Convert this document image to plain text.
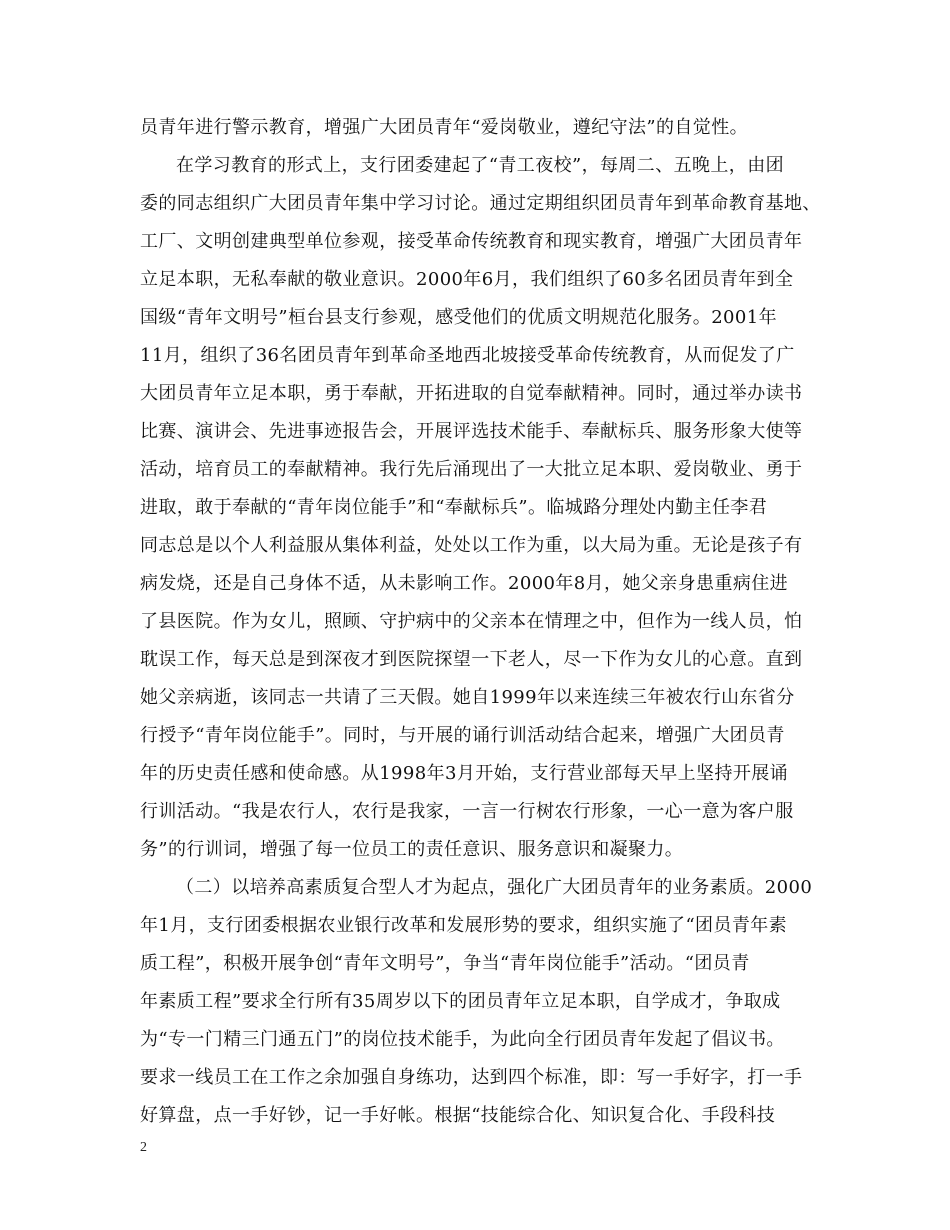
员青年进行警示教育，增强广大团员青年“爱岗敬业，遵纪守法”的自觉性。

在学习教育的形式上，支行团委建起了“青工夜校”，每周二、五晚上，由团

委的同志组织广大团员青年集中学习讨论。通过定期组织团员青年到革命教育基地、

工厂、文明创建典型单位参观，接受革命传统教育和现实教育，增强广大团员青年

立足本职，无私奉献的敬业意识。2000年6月，我们组织了60多名团员青年到全

国级“青年文明号”桓台县支行参观，感受他们的优质文明规范化服务。2001年

11月，组织了36名团员青年到革命圣地西北坡接受革命传统教育，从而促发了广

大团员青年立足本职，勇于奉献，开拓进取的自觉奉献精神。同时，通过举办读书

比赛、演讲会、先进事迹报告会，开展评选技术能手、奉献标兵、服务形象大使等

活动，培育员工的奉献精神。我行先后涌现出了一大批立足本职、爱岗敬业、勇于

进取，敢于奉献的“青年岗位能手”和“奉献标兵”。临城路分理处内勤主任李君

同志总是以个人利益服从集体利益，处处以工作为重，以大局为重。无论是孩子有

病发烧，还是自己身体不适，从未影响工作。2000年8月，她父亲身患重病住进

了县医院。作为女儿，照顾、守护病中的父亲本在情理之中，但作为一线人员，怕

耽误工作，每天总是到深夜才到医院探望一下老人，尽一下作为女儿的心意。直到

她父亲病逝，该同志一共请了三天假。她自1999年以来连续三年被农行山东省分

行授予“青年岗位能手”。同时，与开展的诵行训活动结合起来，增强广大团员青

年的历史责任感和使命感。从1998年3月开始，支行营业部每天早上坚持开展诵

行训活动。“我是农行人，农行是我家，一言一行树农行形象，一心一意为客户服

务”的行训词，增强了每一位员工的责任意识、服务意识和凝聚力。

（二）以培养高素质复合型人才为起点，强化广大团员青年的业务素质。2000

年1月，支行团委根据农业银行改革和发展形势的要求，组织实施了“团员青年素

质工程”，积极开展争创“青年文明号”，争当“青年岗位能手”活动。“团员青

年素质工程”要求全行所有35周岁以下的团员青年立足本职，自学成才，争取成

为“专一门精三门通五门”的岗位技术能手，为此向全行团员青年发起了倡议书。

要求一线员工在工作之余加强自身练功，达到四个标准，即：写一手好字，打一手

好算盘，点一手好钞，记一手好帐。根据“技能综合化、知识复合化、手段科技

2
